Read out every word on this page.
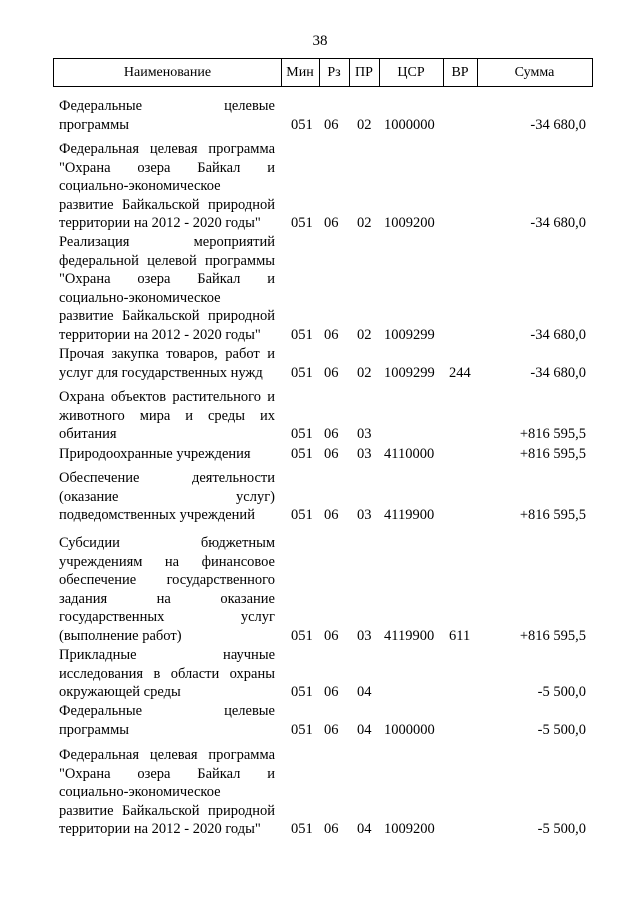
38
Наименование	Мин Рз	ПР	ЦСР	ВР	Сумма
Федеральные целевые
программы	051 06 02 1000000	-34 680,0
Федеральная целевая программа
"Охрана озера Байкал и
социально-экономическое
развитие Байкальской природной
территории на 2012 - 2020 годы"	051 06 02 1009200	-34 680,0
Реализация мероприятий
федеральной целевой программы
"Охрана озера Байкал и
социально-экономическое
развитие Байкальской природной
территории на 2012 - 2020 годы"	051 06 02 1009299	-34 680,0
Прочая закупка товаров, работ и
услуг для государственных нужд	051 06 02 1009299 244	-34 680,0
Охрана объектов растительного и
животного мира и среды их
обитания	051 06 03	+816 595,5
Природоохранные учреждения	051 06 03 4110000	+816 595,5
Обеспечение деятельности
(оказание услуг)
подведомственных учреждений	051 06 03 4119900	+816 595,5
Субсидии бюджетным
учреждениям на финансовое
обеспечение государственного
задания на оказание
государственных услуг
(выполнение работ)	051 06 03 4119900 611	+816 595,5
Прикладные научные
исследования в области охраны
окружающей среды	051 06 04	-5 500,0
Федеральные целевые
программы	051 06 04 1000000	-5 500,0
Федеральная целевая программа
"Охрана озера Байкал и
социально-экономическое
развитие Байкальской природной
территории на 2012 - 2020 годы"	051 06 04 1009200	-5 500,0
